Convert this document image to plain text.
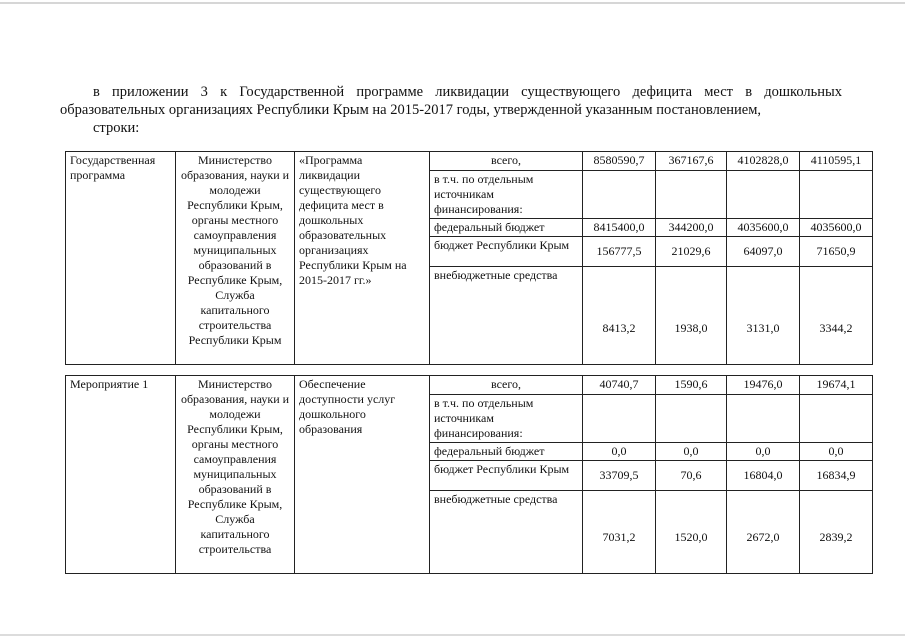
в приложении 3 к Государственной программе ликвидации существующего дефицита мест в дошкольных
образовательных организациях Республики Крым на 2015-2017 годы, утвержденной указанным постановлением,
строки:
Государственная программа	Министерство образования, науки и молодежи Республики Крым, органы местного самоуправления муниципальных образований в Республике Крым, Служба капитального строительства Республики Крым	«Программа ликвидации существующего дефицита мест в дошкольных образовательных организациях Республики Крым на 2015-2017 гг.»	всего,	8580590,7	367167,6	4102828,0	4110595,1
			в т.ч. по отдельным источникам финансирования:				
			федеральный бюджет	8415400,0	344200,0	4035600,0	4035600,0
			бюджет Республики Крым	156777,5	21029,6	64097,0	71650,9
			внебюджетные средства	8413,2	1938,0	3131,0	3344,2
Мероприятие 1	Министерство образования, науки и молодежи Республики Крым, органы местного самоуправления муниципальных образований в Республике Крым, Служба капитального строительства	Обеспечение доступности услуг дошкольного образования	всего,	40740,7	1590,6	19476,0	19674,1
			в т.ч. по отдельным источникам финансирования:				
			федеральный бюджет	0,0	0,0	0,0	0,0
			бюджет Республики Крым	33709,5	70,6	16804,0	16834,9
			внебюджетные средства	7031,2	1520,0	2672,0	2839,2
